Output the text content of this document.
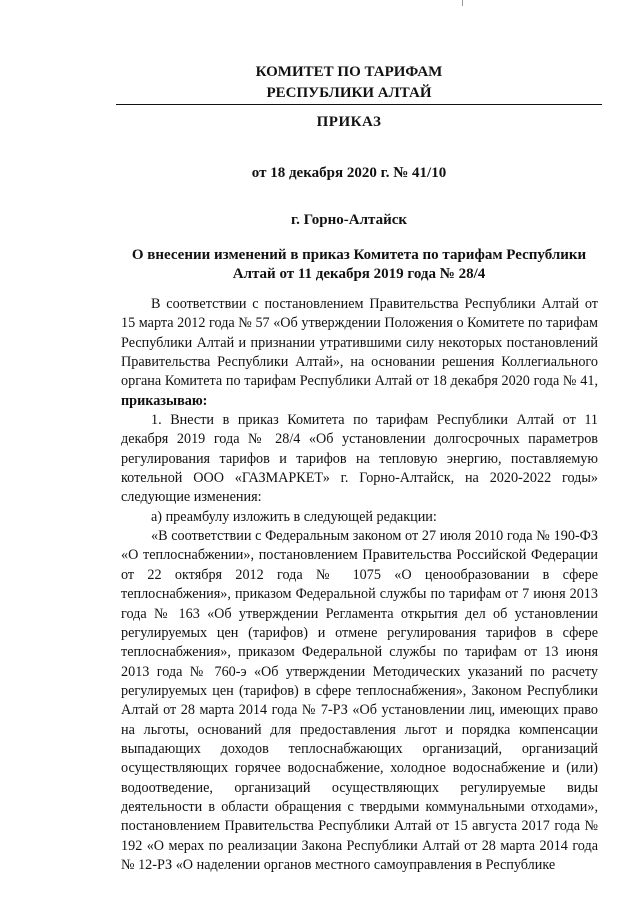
КОМИТЕТ ПО ТАРИФАМ
РЕСПУБЛИКИ АЛТАЙ
ПРИКАЗ
от 18 декабря 2020 г. № 41/10
г. Горно-Алтайск
О внесении изменений в приказ Комитета по тарифам Республики
Алтай от 11 декабря 2019 года № 28/4

В соответствии с постановлением Правительства Республики Алтай от 15 марта 2012 года № 57 «Об утверждении Положения о Комитете по тарифам Республики Алтай и признании утратившими силу некоторых постановлений Правительства Республики Алтай», на основании решения Коллегиального органа Комитета по тарифам Республики Алтай от 18 декабря 2020 года № 41, приказываю:

1. Внести в приказ Комитета по тарифам Республики Алтай от 11 декабря 2019 года № 28/4 «Об установлении долгосрочных параметров регулирования тарифов и тарифов на тепловую энергию, поставляемую котельной ООО «ГАЗМАРКЕТ» г. Горно-Алтайск, на 2020-2022 годы» следующие изменения:

а) преамбулу изложить в следующей редакции:

«В соответствии с Федеральным законом от 27 июля 2010 года № 190-ФЗ «О теплоснабжении», постановлением Правительства Российской Федерации от 22 октября 2012 года № 1075 «О ценообразовании в сфере теплоснабжения», приказом Федеральной службы по тарифам от 7 июня 2013 года № 163 «Об утверждении Регламента открытия дел об установлении регулируемых цен (тарифов) и отмене регулирования тарифов в сфере теплоснабжения», приказом Федеральной службы по тарифам от 13 июня 2013 года № 760-э «Об утверждении Методических указаний по расчету регулируемых цен (тарифов) в сфере теплоснабжения», Законом Республики Алтай от 28 марта 2014 года № 7-РЗ «Об установлении лиц, имеющих право на льготы, оснований для предоставления льгот и порядка компенсации выпадающих доходов теплоснабжающих организаций, организаций осуществляющих горячее водоснабжение, холодное водоснабжение и (или) водоотведение, организаций осуществляющих регулируемые виды деятельности в области обращения с твердыми коммунальными отходами», постановлением Правительства Республики Алтай от 15 августа 2017 года № 192 «О мерах по реализации Закона Республики Алтай от 28 марта 2014 года № 12-РЗ «О наделении органов местного самоуправления в Республике
